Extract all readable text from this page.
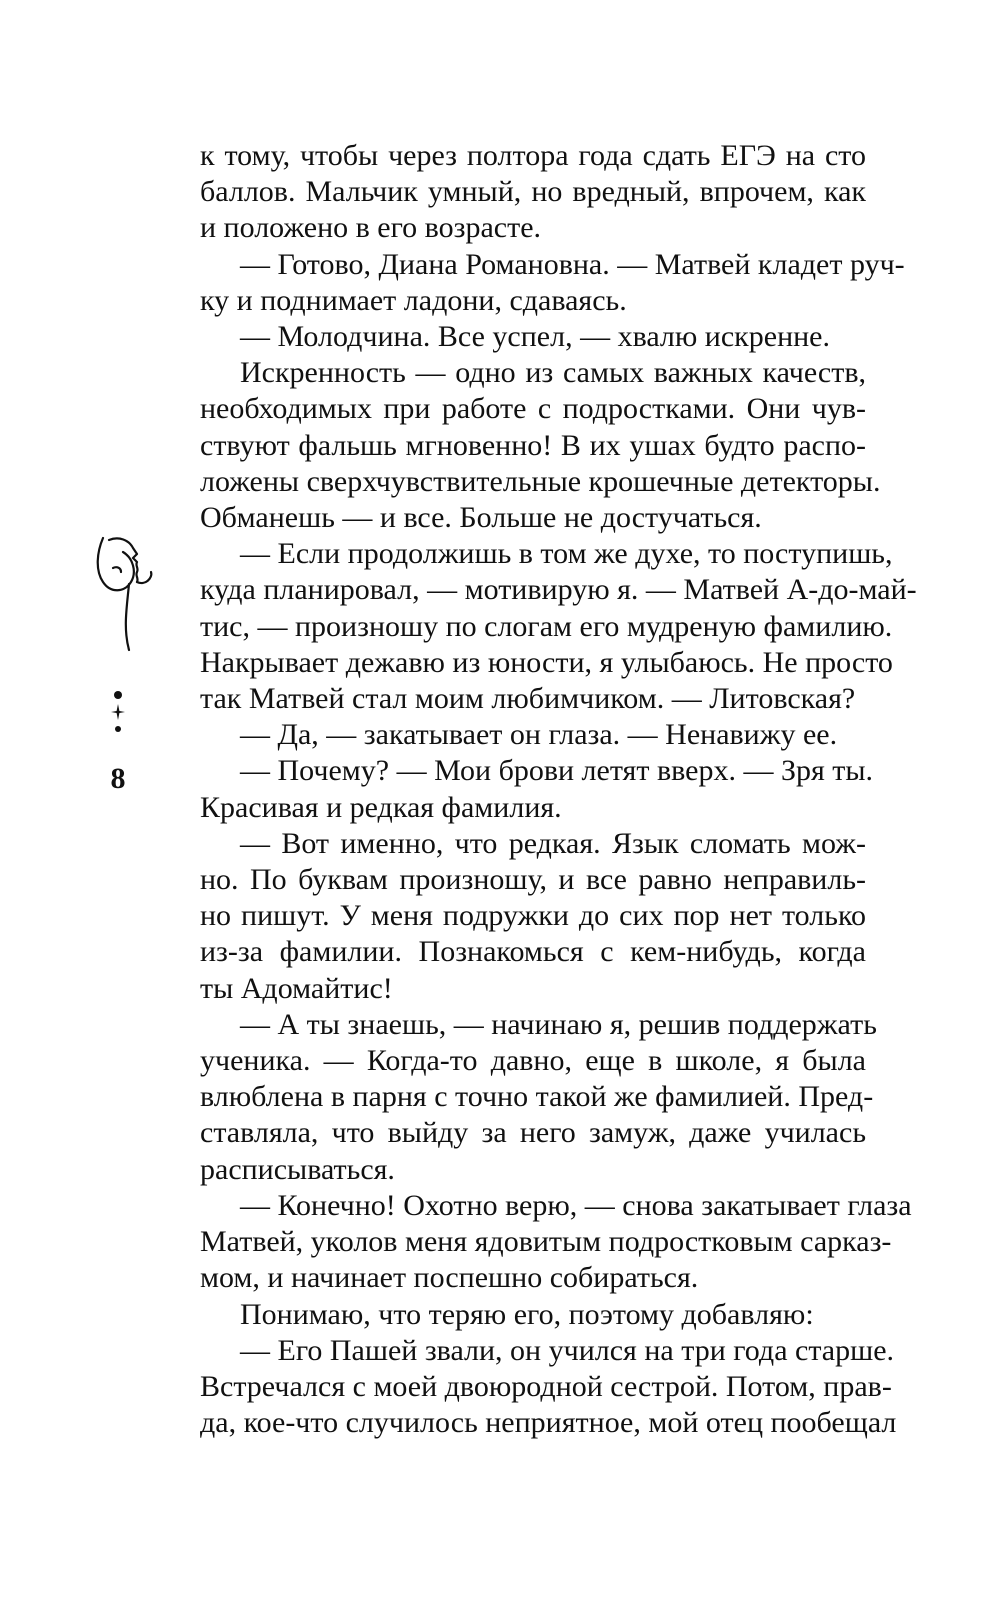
к тому, чтобы через полтора года сдать ЕГЭ на сто
баллов. Мальчик умный, но вредный, впрочем, как
и положено в его возрасте.
— Готово, Диана Романовна. — Матвей кладет руч-
ку и поднимает ладони, сдаваясь.
— Молодчина. Все успел, — хвалю искренне.
Искренность — одно из самых важных качеств,
необходимых при работе с подростками. Они чув-
ствуют фальшь мгновенно! В их ушах будто распо-
ложены сверхчувствительные крошечные детекторы.
Обманешь — и все. Больше не достучаться.
— Если продолжишь в том же духе, то поступишь,
куда планировал, — мотивирую я. — Матвей А-до-май-
тис, — произношу по слогам его мудреную фамилию.
Накрывает дежавю из юности, я улыбаюсь. Не просто
так Матвей стал моим любимчиком. — Литовская?
— Да, — закатывает он глаза. — Ненавижу ее.
— Почему? — Мои брови летят вверх. — Зря ты.
Красивая и редкая фамилия.
— Вот именно, что редкая. Язык сломать мож-
но. По буквам произношу, и все равно неправиль-
но пишут. У меня подружки до сих пор нет только
из-за фамилии. Познакомься с кем-нибудь, когда
ты Адомайтис!
— А ты знаешь, — начинаю я, решив поддержать
ученика. — Когда-то давно, еще в школе, я была
влюблена в парня с точно такой же фамилией. Пред-
ставляла, что выйду за него замуж, даже училась
расписываться.
— Конечно! Охотно верю, — снова закатывает глаза
Матвей, уколов меня ядовитым подростковым сарказ-
мом, и начинает поспешно собираться.
Понимаю, что теряю его, поэтому добавляю:
— Его Пашей звали, он учился на три года старше.
Встречался с моей двоюродной сестрой. Потом, прав-
да, кое-что случилось неприятное, мой отец пообещал
8
